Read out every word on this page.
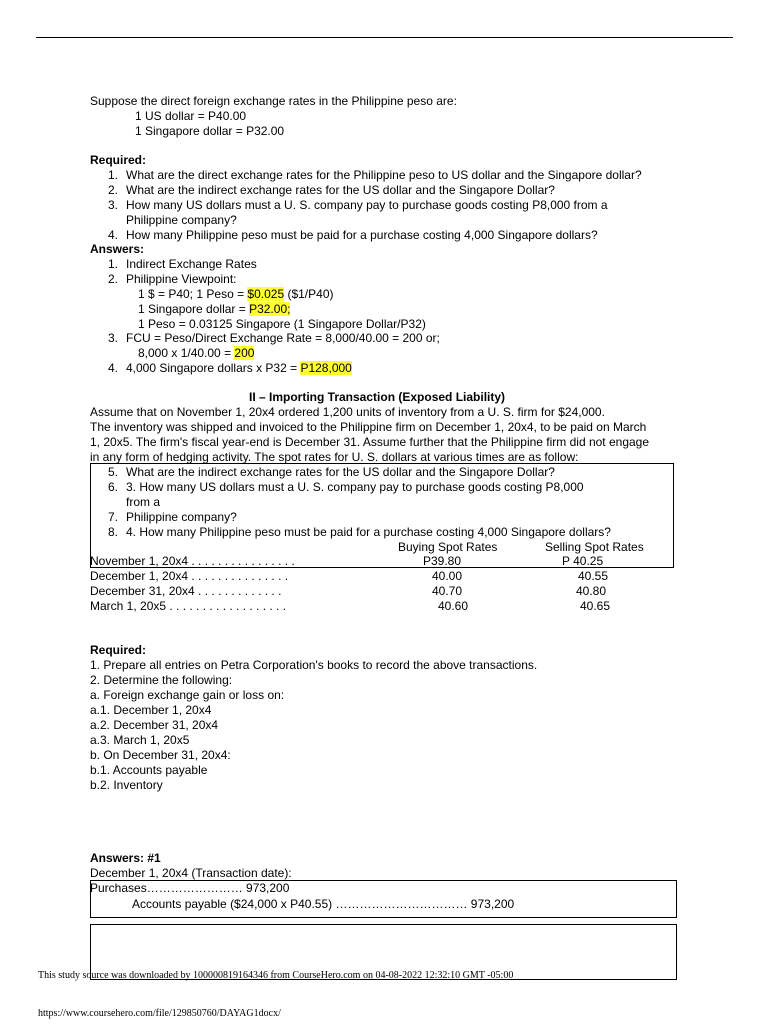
Suppose the direct foreign exchange rates in the Philippine peso are:
1 US dollar = P40.00
1 Singapore dollar = P32.00
Required:
1. What are the direct exchange rates for the Philippine peso to US dollar and the Singapore dollar?
2. What are the indirect exchange rates for the US dollar and the Singapore Dollar?
3. How many US dollars must a U. S. company pay to purchase goods costing P8,000 from a
Philippine company?
4. How many Philippine peso must be paid for a purchase costing 4,000 Singapore dollars?
Answers:
1. Indirect Exchange Rates
2. Philippine Viewpoint:
1 $ = P40; 1 Peso = $0.025 ($1/P40)
1 Singapore dollar = P32.00;
1 Peso = 0.03125 Singapore (1 Singapore Dollar/P32)
3. FCU = Peso/Direct Exchange Rate = 8,000/40.00 = 200 or;
8,000 x 1/40.00 = 200
4. 4,000 Singapore dollars x P32 = P128,000
II – Importing Transaction (Exposed Liability)
Assume that on November 1, 20x4 ordered 1,200 units of inventory from a U. S. firm for $24,000.
The inventory was shipped and invoiced to the Philippine firm on December 1, 20x4, to be paid on March
1, 20x5. The firm's fiscal year-end is December 31. Assume further that the Philippine firm did not engage
in any form of hedging activity. The spot rates for U. S. dollars at various times are as follow:
5. What are the indirect exchange rates for the US dollar and the Singapore Dollar?
6. 3. How many US dollars must a U. S. company pay to purchase goods costing P8,000
from a
7. Philippine company?
8. 4. How many Philippine peso must be paid for a purchase costing 4,000 Singapore dollars?
Buying Spot Rates	Selling Spot Rates
November 1, 20x4 . . . . . . . . . . . . . . . .	P39.80	P 40.25
December 1, 20x4 . . . . . . . . . . . . . . .	40.00	40.55
December 31, 20x4 . . . . . . . . . . . . .	40.70	40.80
March 1, 20x5 . . . . . . . . . . . . . . . . . .	40.60	40.65
Required:
1. Prepare all entries on Petra Corporation's books to record the above transactions.
2. Determine the following:
a. Foreign exchange gain or loss on:
a.1. December 1, 20x4
a.2. December 31, 20x4
a.3. March 1, 20x5
b. On December 31, 20x4:
b.1. Accounts payable
b.2. Inventory
Answers: #1
December 1, 20x4 (Transaction date):
Purchases…………………… 973,200
Accounts payable ($24,000 x P40.55) …………………………… 973,200
This study source was downloaded by 100000819164346 from CourseHero.com on 04-08-2022 12:32:10 GMT -05:00
https://www.coursehero.com/file/129850760/DAYAG1docx/
